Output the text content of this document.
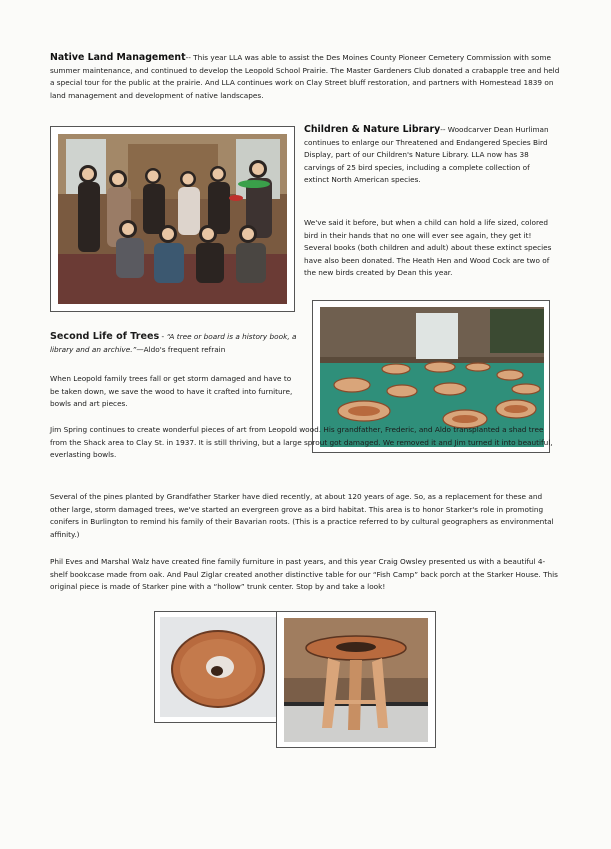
Native Land Management-- This year LLA was able to assist the Des Moines County Pioneer Cemetery Commission with some summer maintenance, and continued to develop the Leopold School Prairie. The Master Gardeners Club donated a crabapple tree and held a special tour for the public at the prairie. And LLA continues work on Clay Street bluff restoration, and partners with Homestead 1839 on land management and development of native landscapes.

Children & Nature Library-- Woodcarver Dean Hurliman continues to enlarge our Threatened and Endangered Species Bird Display, part of our Children's Nature Library. LLA now has 38 carvings of 25 bird species, including a complete collection of extinct North American species.

We've said it before, but when a child can hold a life sized, colored bird in their hands that no one will ever see again, they get it! Several books (both children and adult) about these extinct species have also been donated. The Heath Hen and Wood Cock are two of the new birds created by Dean this year.

Second Life of Trees - “A tree or board is a history book, a library and an archive.”—Aldo's frequent refrain

When Leopold family trees fall or get storm damaged and have to be taken down, we save the wood to have it crafted into furniture, bowls and art pieces.

Jim Spring continues to create wonderful pieces of art from Leopold wood. His grandfather, Frederic, and Aldo transplanted a shad tree from the Shack area to Clay St. in 1937. It is still thriving, but a large sprout got damaged. We removed it and Jim turned it into beautiful, everlasting bowls.

Several of the pines planted by Grandfather Starker have died recently, at about 120 years of age. So, as a replacement for these and other large, storm damaged trees, we've started an evergreen grove as a bird habitat. This area is to honor Starker's role in promoting conifers in Burlington to remind his family of their Bavarian roots. (This is a practice referred to by cultural geographers as environmental affinity.)

Phil Eves and Marshal Walz have created fine family furniture in past years, and this year Craig Owsley presented us with a beautiful 4-shelf bookcase made from oak. And Paul Ziglar created another distinctive table for our “Fish Camp” back porch at the Starker House. This original piece is made of Starker pine with a “hollow” trunk center. Stop by and take a look!
